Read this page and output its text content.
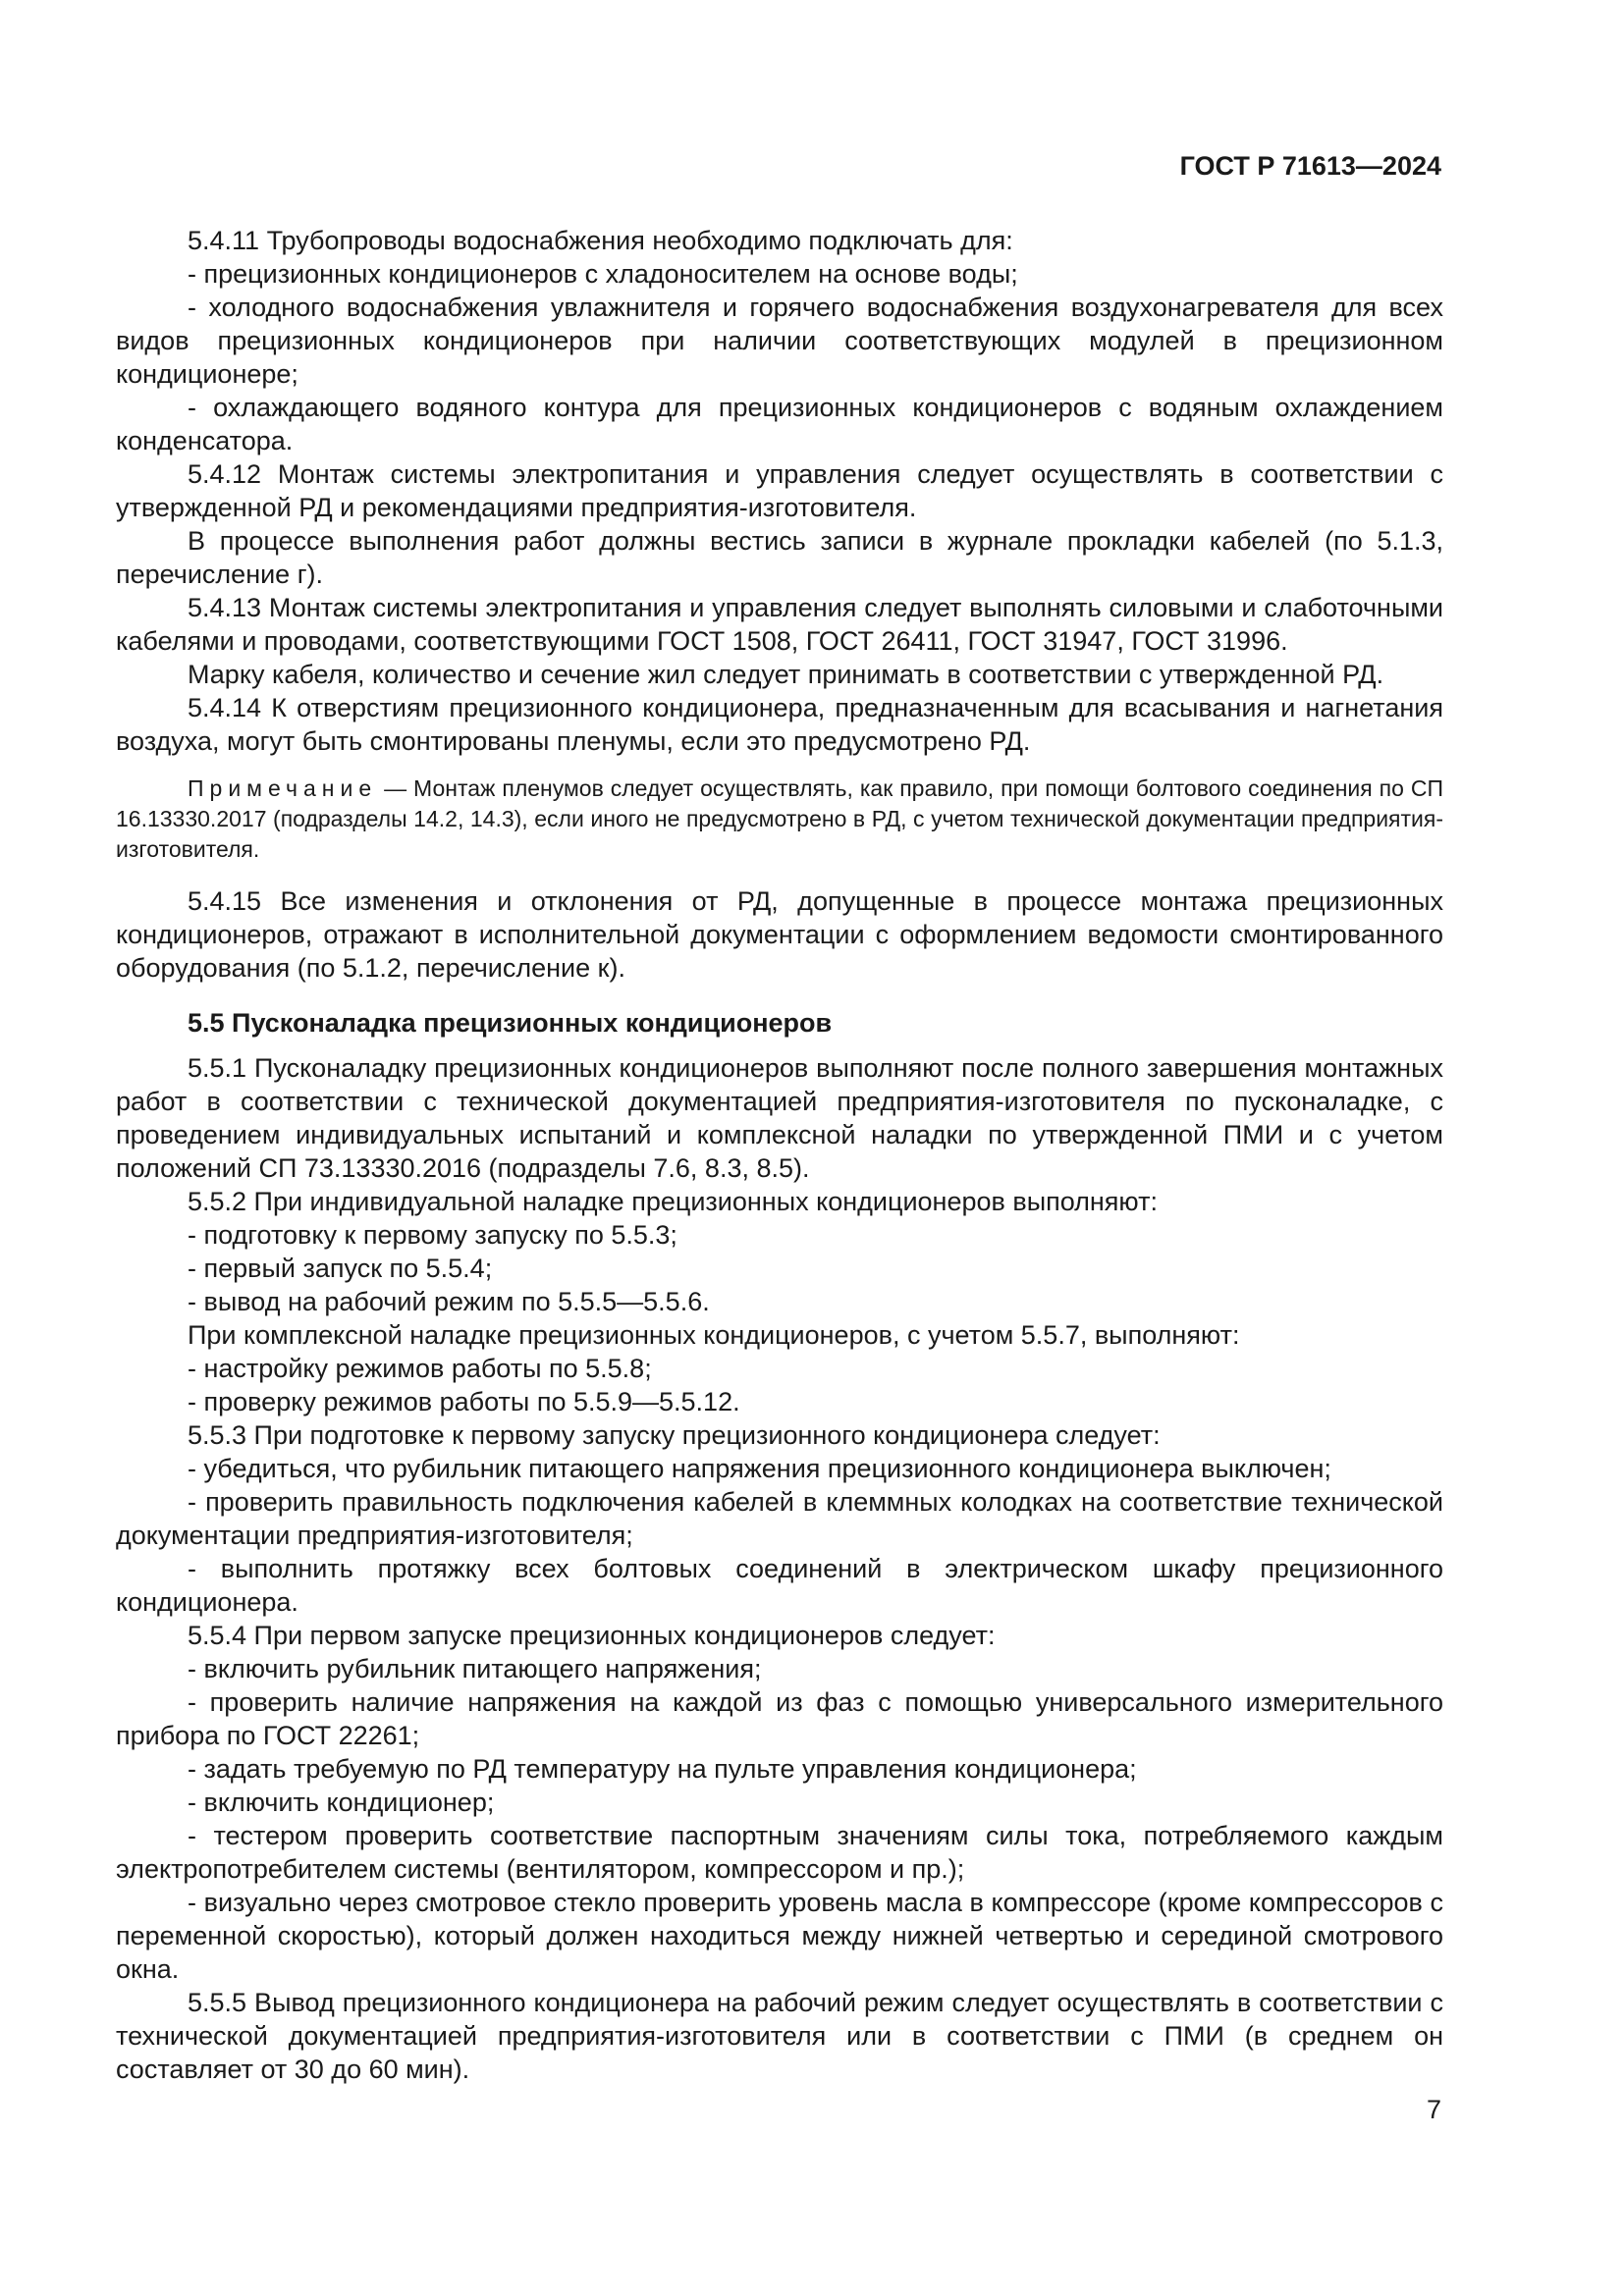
ГОСТ Р 71613—2024

5.4.11 Трубопроводы водоснабжения необходимо подключать для:

- прецизионных кондиционеров с хладоносителем на основе воды;

- холодного водоснабжения увлажнителя и горячего водоснабжения воздухонагревателя для всех видов прецизионных кондиционеров при наличии соответствующих модулей в прецизионном кондиционере;

- охлаждающего водяного контура для прецизионных кондиционеров с водяным охлаждением конденсатора.

5.4.12 Монтаж системы электропитания и управления следует осуществлять в соответствии с утвержденной РД и рекомендациями предприятия-изготовителя.

В процессе выполнения работ должны вестись записи в журнале прокладки кабелей (по 5.1.3, перечисление г).

5.4.13 Монтаж системы электропитания и управления следует выполнять силовыми и слаботочными кабелями и проводами, соответствующими ГОСТ 1508, ГОСТ 26411, ГОСТ 31947, ГОСТ 31996.

Марку кабеля, количество и сечение жил следует принимать в соответствии с утвержденной РД.

5.4.14 К отверстиям прецизионного кондиционера, предназначенным для всасывания и нагнетания воздуха, могут быть смонтированы пленумы, если это предусмотрено РД.

Примечание — Монтаж пленумов следует осуществлять, как правило, при помощи болтового соединения по СП 16.13330.2017 (подразделы 14.2, 14.3), если иного не предусмотрено в РД, с учетом технической документации предприятия-изготовителя.

5.4.15 Все изменения и отклонения от РД, допущенные в процессе монтажа прецизионных кондиционеров, отражают в исполнительной документации с оформлением ведомости смонтированного оборудования (по 5.1.2, перечисление к).

5.5 Пусконаладка прецизионных кондиционеров

5.5.1 Пусконаладку прецизионных кондиционеров выполняют после полного завершения монтажных работ в соответствии с технической документацией предприятия-изготовителя по пусконаладке, с проведением индивидуальных испытаний и комплексной наладки по утвержденной ПМИ и с учетом положений СП 73.13330.2016 (подразделы 7.6, 8.3, 8.5).

5.5.2 При индивидуальной наладке прецизионных кондиционеров выполняют:

- подготовку к первому запуску по 5.5.3;

- первый запуск по 5.5.4;

- вывод на рабочий режим по 5.5.5—5.5.6.

При комплексной наладке прецизионных кондиционеров, с учетом 5.5.7, выполняют:

- настройку режимов работы по 5.5.8;

- проверку режимов работы по 5.5.9—5.5.12.

5.5.3 При подготовке к первому запуску прецизионного кондиционера следует:

- убедиться, что рубильник питающего напряжения прецизионного кондиционера выключен;

- проверить правильность подключения кабелей в клеммных колодках на соответствие технической документации предприятия-изготовителя;

- выполнить протяжку всех болтовых соединений в электрическом шкафу прецизионного кондиционера.

5.5.4 При первом запуске прецизионных кондиционеров следует:

- включить рубильник питающего напряжения;

- проверить наличие напряжения на каждой из фаз с помощью универсального измерительного прибора по ГОСТ 22261;

- задать требуемую по РД температуру на пульте управления кондиционера;

- включить кондиционер;

- тестером проверить соответствие паспортным значениям силы тока, потребляемого каждым электропотребителем системы (вентилятором, компрессором и пр.);

- визуально через смотровое стекло проверить уровень масла в компрессоре (кроме компрессоров с переменной скоростью), который должен находиться между нижней четвертью и серединой смотрового окна.

5.5.5 Вывод прецизионного кондиционера на рабочий режим следует осуществлять в соответствии с технической документацией предприятия-изготовителя или в соответствии с ПМИ (в среднем он составляет от 30 до 60 мин).

7
